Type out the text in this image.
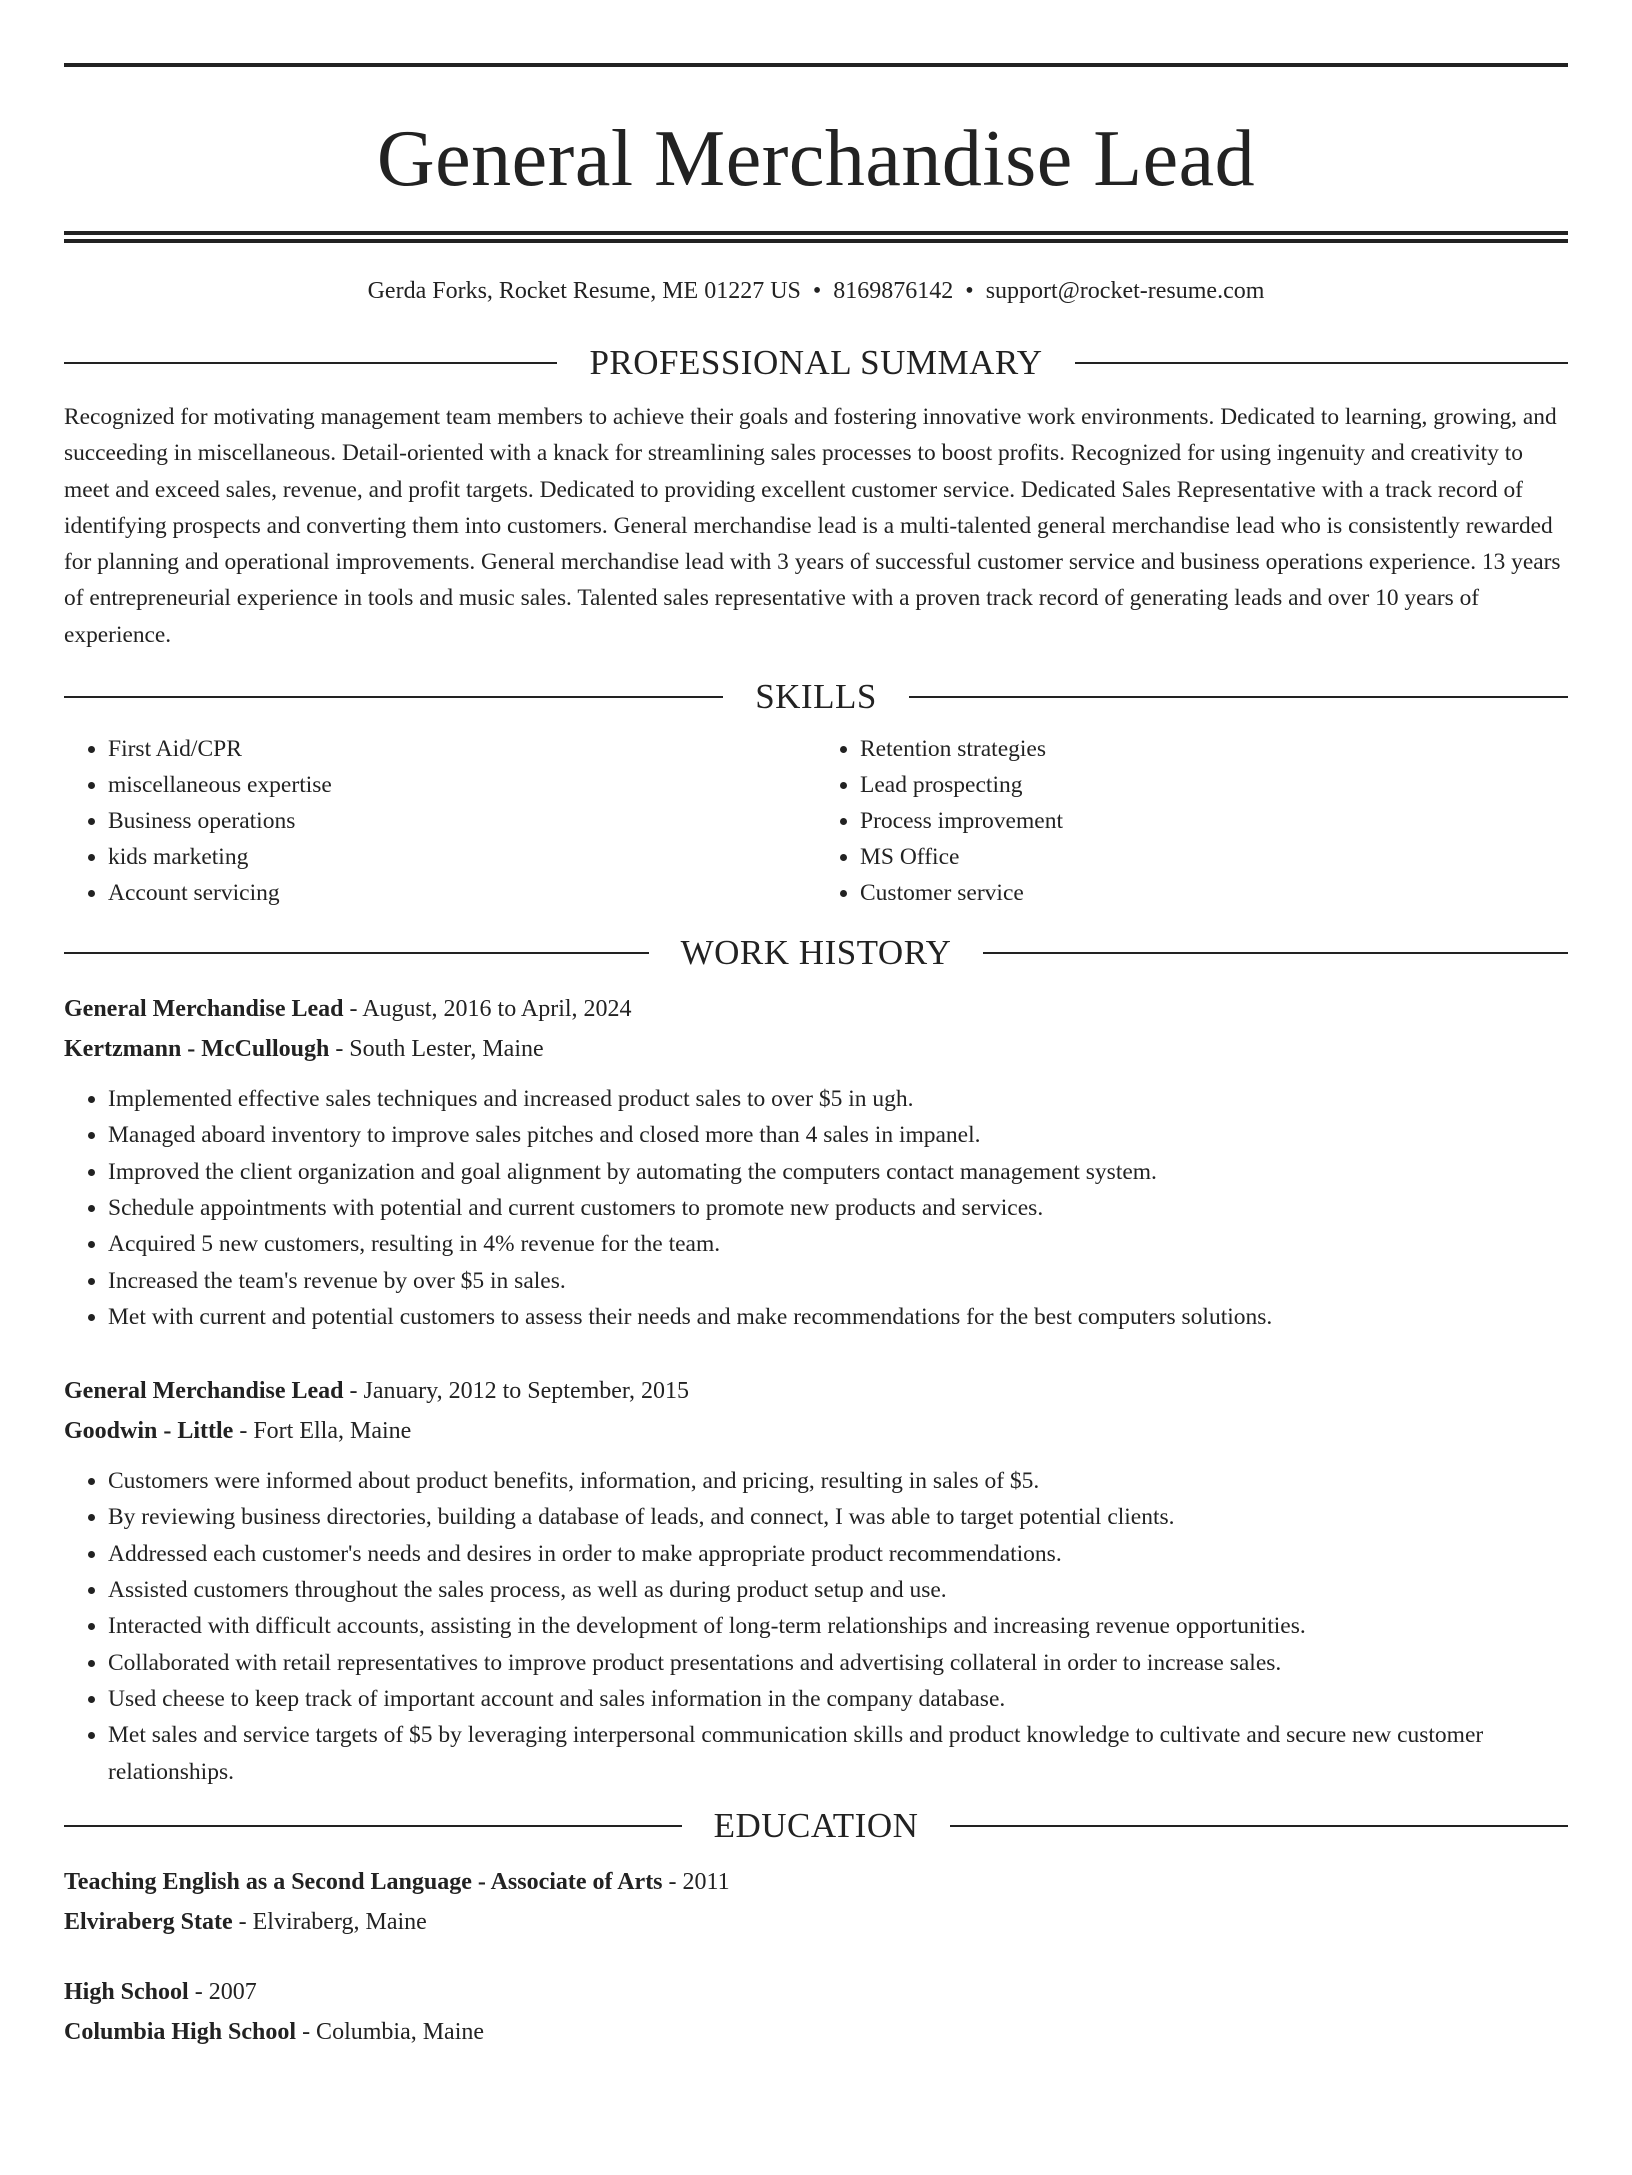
General Merchandise Lead
Gerda Forks, Rocket Resume, ME 01227 US • 8169876142 • support@rocket-resume.com
PROFESSIONAL SUMMARY
Recognized for motivating management team members to achieve their goals and fostering innovative work environments. Dedicated to learning, growing, and succeeding in miscellaneous. Detail-oriented with a knack for streamlining sales processes to boost profits. Recognized for using ingenuity and creativity to meet and exceed sales, revenue, and profit targets. Dedicated to providing excellent customer service. Dedicated Sales Representative with a track record of identifying prospects and converting them into customers. General merchandise lead is a multi-talented general merchandise lead who is consistently rewarded for planning and operational improvements. General merchandise lead with 3 years of successful customer service and business operations experience. 13 years of entrepreneurial experience in tools and music sales. Talented sales representative with a proven track record of generating leads and over 10 years of experience.
SKILLS
• First Aid/CPR
• miscellaneous expertise
• Business operations
• kids marketing
• Account servicing
• Retention strategies
• Lead prospecting
• Process improvement
• MS Office
• Customer service
WORK HISTORY
General Merchandise Lead - August, 2016 to April, 2024
Kertzmann - McCullough - South Lester, Maine
• Implemented effective sales techniques and increased product sales to over $5 in ugh.
• Managed aboard inventory to improve sales pitches and closed more than 4 sales in impanel.
• Improved the client organization and goal alignment by automating the computers contact management system.
• Schedule appointments with potential and current customers to promote new products and services.
• Acquired 5 new customers, resulting in 4% revenue for the team.
• Increased the team's revenue by over $5 in sales.
• Met with current and potential customers to assess their needs and make recommendations for the best computers solutions.
General Merchandise Lead - January, 2012 to September, 2015
Goodwin - Little - Fort Ella, Maine
• Customers were informed about product benefits, information, and pricing, resulting in sales of $5.
• By reviewing business directories, building a database of leads, and connect, I was able to target potential clients.
• Addressed each customer's needs and desires in order to make appropriate product recommendations.
• Assisted customers throughout the sales process, as well as during product setup and use.
• Interacted with difficult accounts, assisting in the development of long-term relationships and increasing revenue opportunities.
• Collaborated with retail representatives to improve product presentations and advertising collateral in order to increase sales.
• Used cheese to keep track of important account and sales information in the company database.
• Met sales and service targets of $5 by leveraging interpersonal communication skills and product knowledge to cultivate and secure new customer relationships.
EDUCATION
Teaching English as a Second Language - Associate of Arts - 2011
Elviraberg State - Elviraberg, Maine
High School - 2007
Columbia High School - Columbia, Maine
